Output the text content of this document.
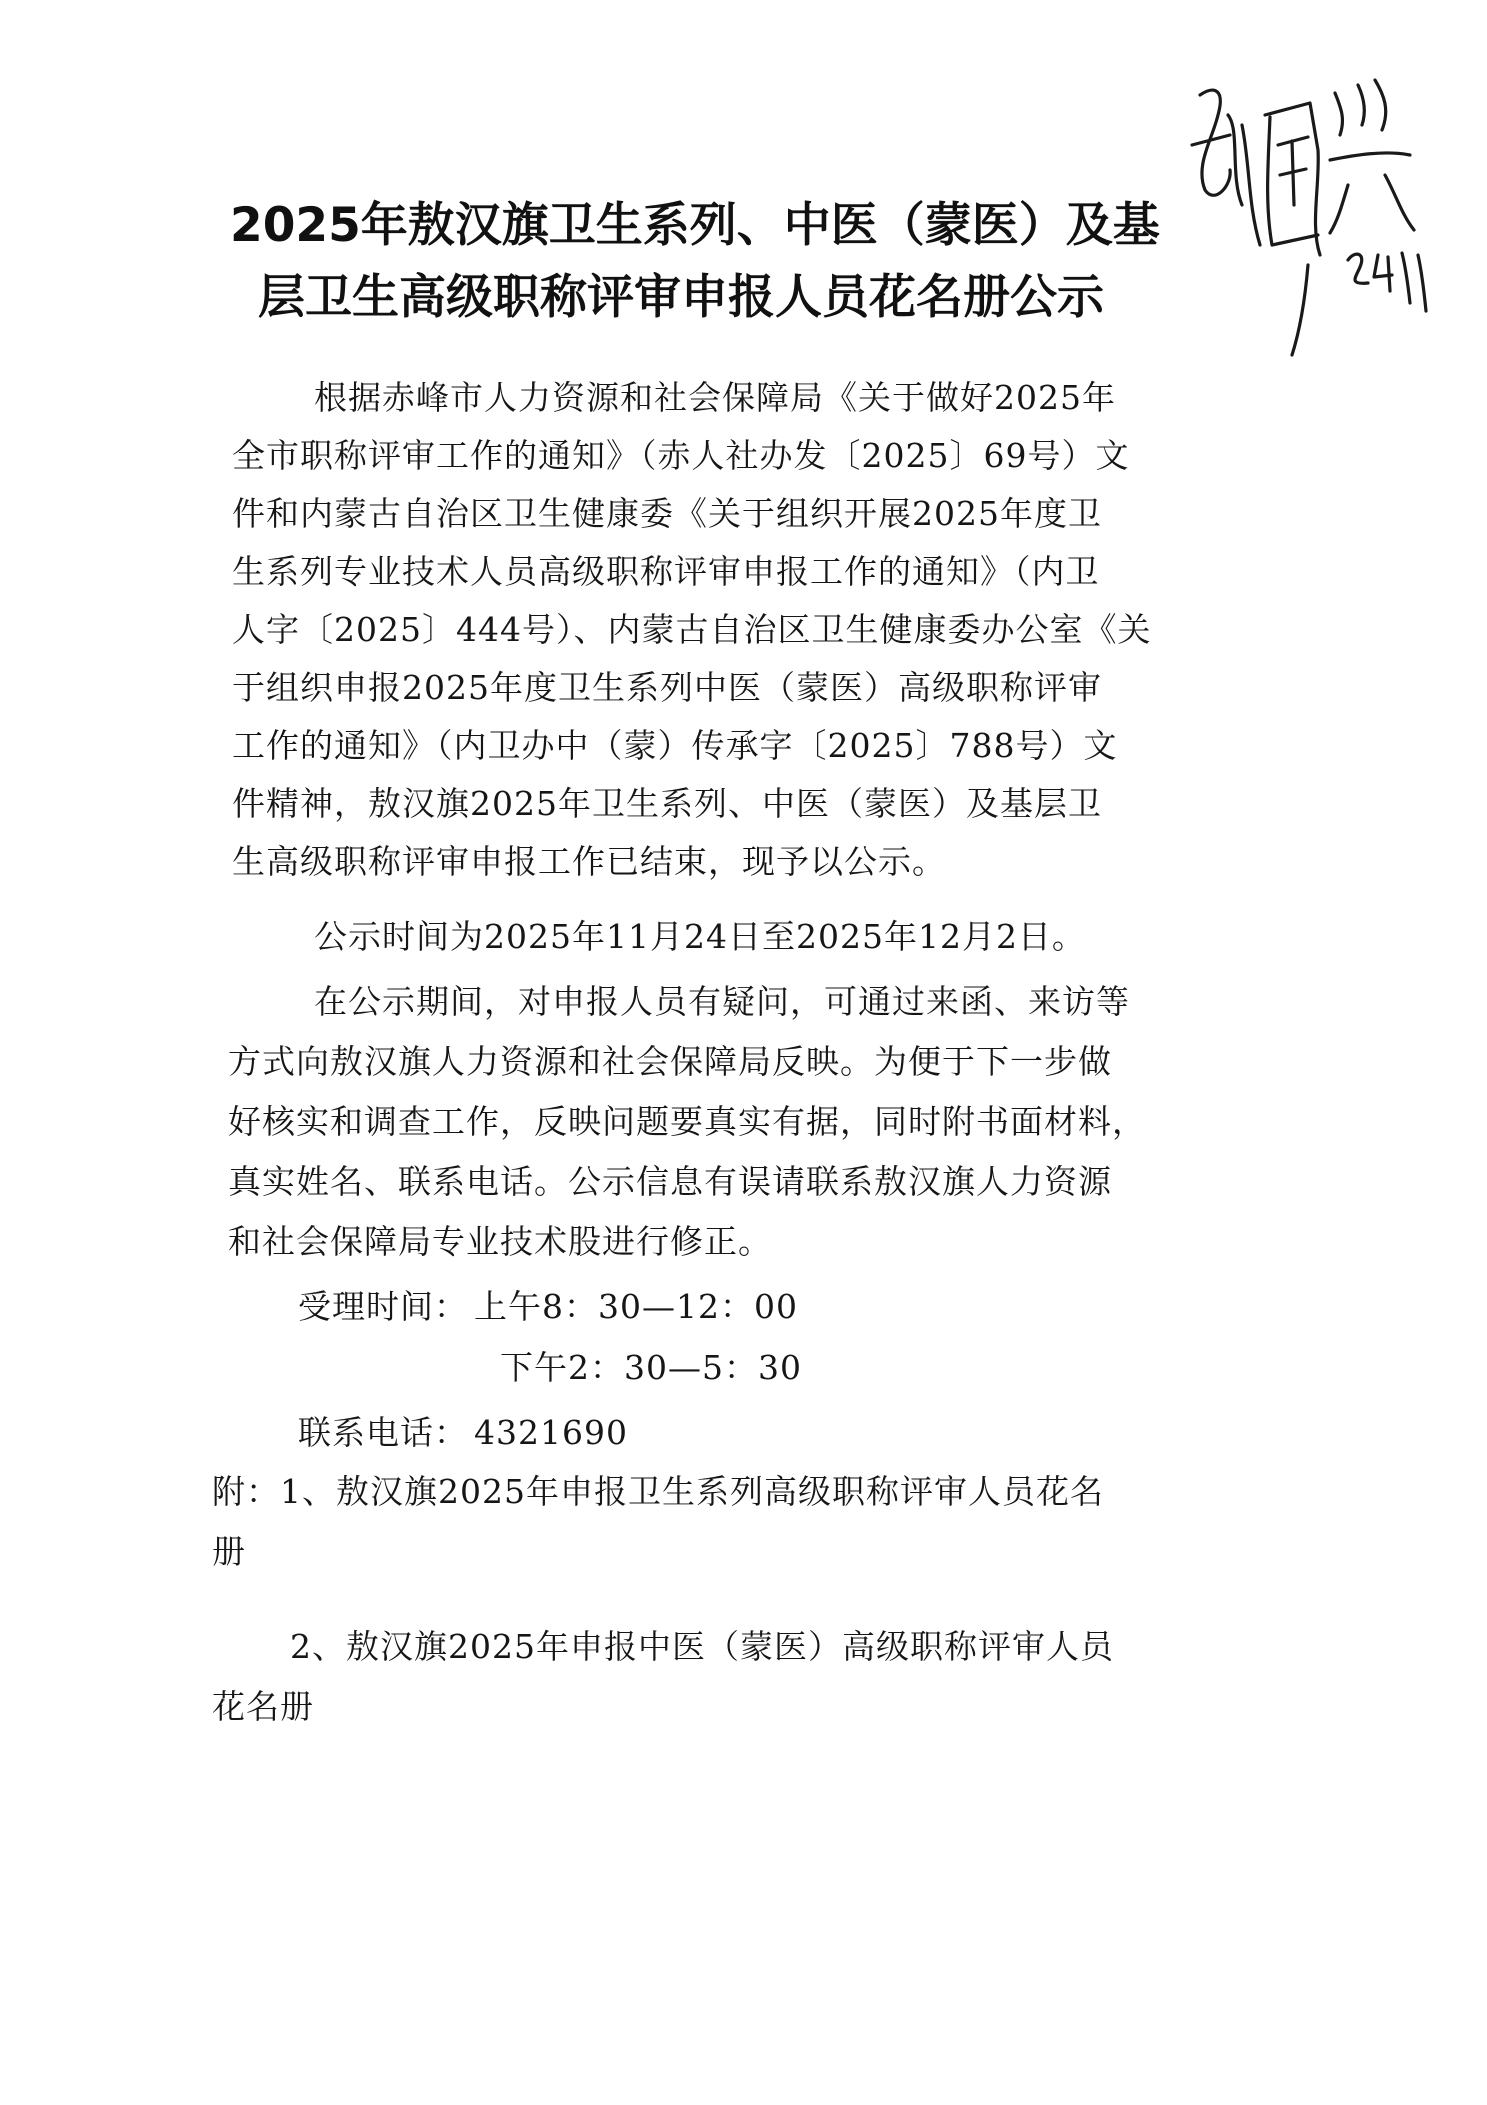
2025年敖汉旗卫生系列、中医（蒙医）及基
层卫生高级职称评审申报人员花名册公示
根据赤峰市人力资源和社会保障局《关于做好2025年
全市职称评审工作的通知》（赤人社办发〔2025〕69号）文
件和内蒙古自治区卫生健康委《关于组织开展2025年度卫
生系列专业技术人员高级职称评审申报工作的通知》（内卫
人字〔2025〕444号）、内蒙古自治区卫生健康委办公室《关
于组织申报2025年度卫生系列中医（蒙医）高级职称评审
工作的通知》（内卫办中（蒙）传承字〔2025〕788号）文
件精神，敖汉旗2025年卫生系列、中医（蒙医）及基层卫
生高级职称评审申报工作已结束，现予以公示。
公示时间为2025年11月24日至2025年12月2日。
在公示期间，对申报人员有疑问，可通过来函、来访等
方式向敖汉旗人力资源和社会保障局反映。为便于下一步做
好核实和调查工作，反映问题要真实有据，同时附书面材料，
真实姓名、联系电话。公示信息有误请联系敖汉旗人力资源
和社会保障局专业技术股进行修正。
受理时间： 上午8：30—12：00
下午2：30—5：30
联系电话： 4321690
附：1、敖汉旗2025年申报卫生系列高级职称评审人员花名
册
2、敖汉旗2025年申报中医（蒙医）高级职称评审人员
花名册
